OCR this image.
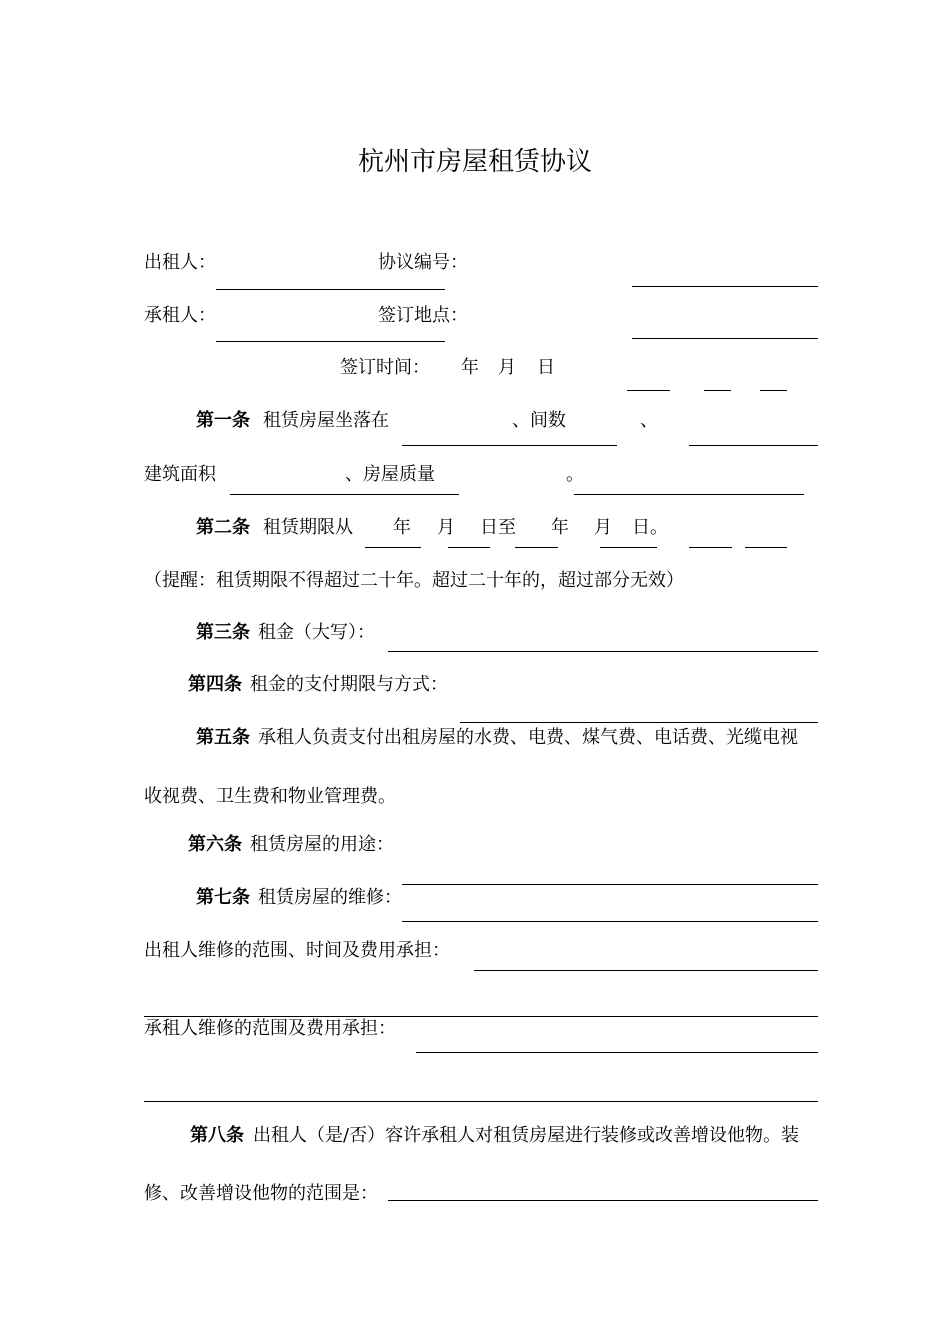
杭州市房屋租赁协议
出租人：	协议编号：
承租人：	签订地点：
签订时间： 年 月 日
第一条 租赁房屋坐落在	、间数	、
建筑面积	、房屋质量	。
第二条 租赁期限从 年 月 日至 年 月 日。
（提醒：租赁期限不得超过二十年。超过二十年的，超过部分无效）
第三条 租金（大写）：
第四条 租金的支付期限与方式：
第五条 承租人负责支付出租房屋的水费、电费、煤气费、电话费、光缆电视
收视费、卫生费和物业管理费。
第六条 租赁房屋的用途：
第七条 租赁房屋的维修：
出租人维修的范围、时间及费用承担：
承租人维修的范围及费用承担：
第八条 出租人（是/否）容许承租人对租赁房屋进行装修或改善增设他物。装
修、改善增设他物的范围是：
